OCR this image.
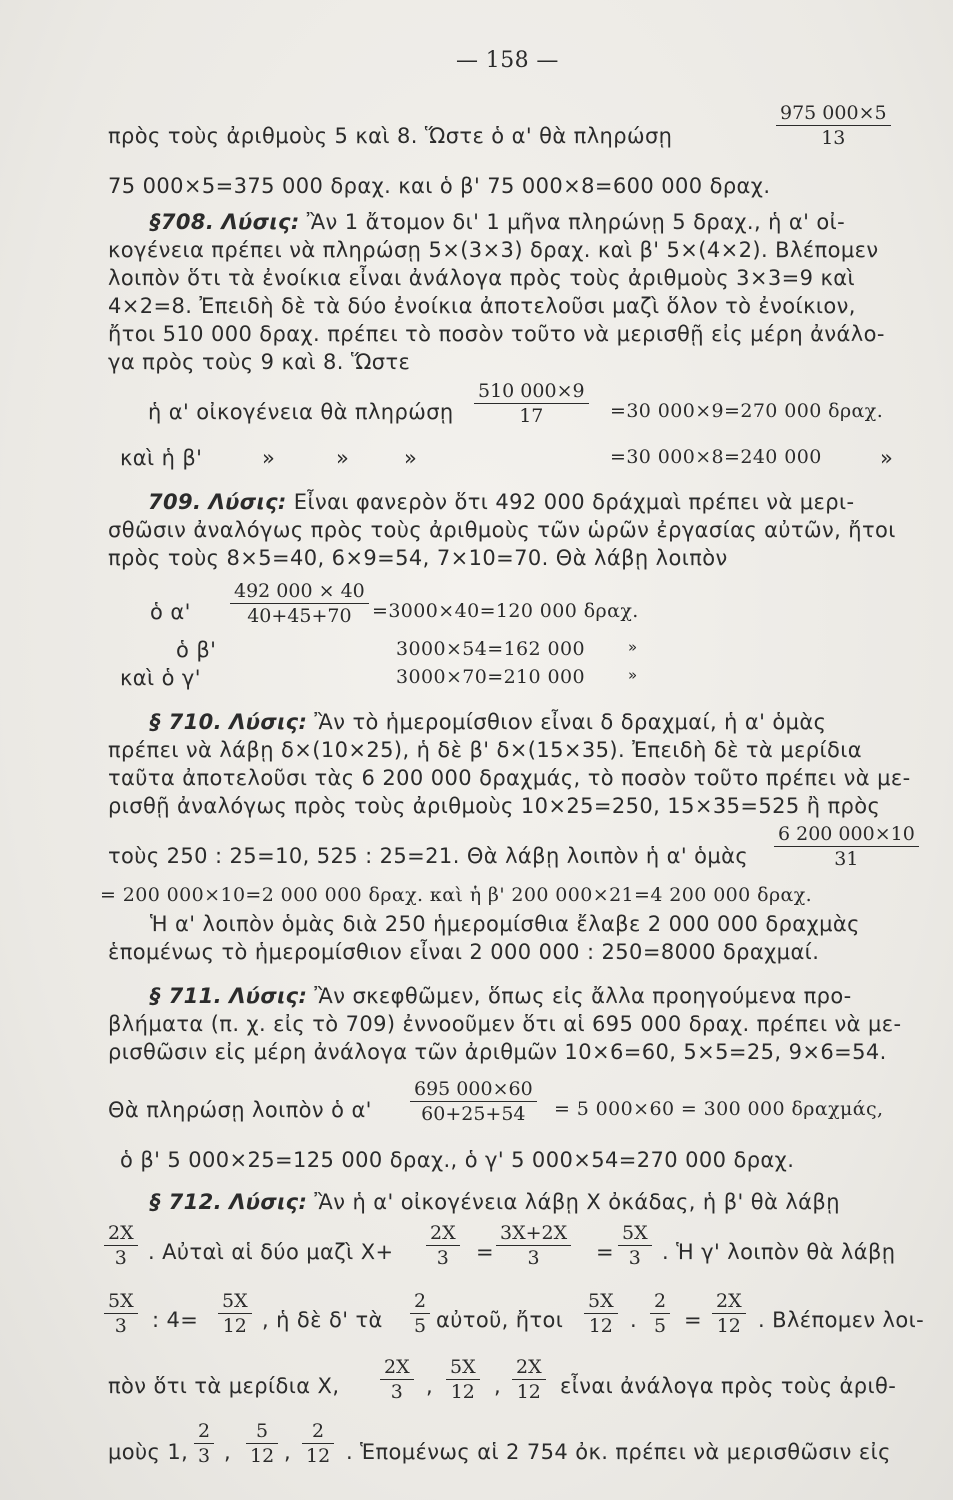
— 158 —
πρὸς τοὺς ἀριθμοὺς 5 καὶ 8. Ὥστε ὁ α' θὰ πληρώσῃ
975 000×5
13
75 000×5=375 000 δραχ. και ὁ β' 75 000×8=600 000 δραχ.
§708. Λύσις: Ἂν 1 ἄτομον δι' 1 μῆνα πληρώνῃ 5 δραχ., ἡ α' οἰ-
κογένεια πρέπει νὰ πληρώσῃ 5×(3×3) δραχ. καὶ β' 5×(4×2). Βλέπομεν
λοιπὸν ὅτι τὰ ἐνοίκια εἶναι ἀνάλογα πρὸς τοὺς ἀριθμοὺς 3×3=9 καὶ
4×2=8. Ἐπειδὴ δὲ τὰ δύο ἐνοίκια ἀποτελοῦσι μαζὶ ὅλον τὸ ἐνοίκιον,
ἤτοι 510 000 δραχ. πρέπει τὸ ποσὸν τοῦτο νὰ μερισθῇ εἰς μέρη ἀνάλο-
γα πρὸς τοὺς 9 καὶ 8. Ὥστε
ἡ α' οἰκογένεια θὰ πληρώσῃ
510 000×9
17	=30 000×9=270 000 δραχ.
καὶ ἡ β'	»	»	»	=30 000×8=240 000	»
709. Λύσις: Εἶναι φανερὸν ὅτι 492 000 δράχμαὶ πρέπει νὰ μερι-
σθῶσιν ἀναλόγως πρὸς τοὺς ἀριθμοὺς τῶν ὡρῶν ἐργασίας αὐτῶν, ἤτοι
πρὸς τοὺς 8×5=40, 6×9=54, 7×10=70. Θὰ λάβῃ λοιπὸν
ὁ α'
492 000 × 40
40+45+70 =3000×40=120 000 δραχ.
ὁ β'	3000×54=162 000	»
καὶ ὁ γ'	3000×70=210 000	»
§ 710. Λύσις: Ἂν τὸ ἡμερομίσθιον εἶναι δ δραχμαί, ἡ α' ὁμὰς
πρέπει νὰ λάβῃ δ×(10×25), ἡ δὲ β' δ×(15×35). Ἐπειδὴ δὲ τὰ μερίδια
ταῦτα ἀποτελοῦσι τὰς 6 200 000 δραχμάς, τὸ ποσὸν τοῦτο πρέπει νὰ με-
ρισθῇ ἀναλόγως πρὸς τοὺς ἀριθμοὺς 10×25=250, 15×35=525 ἢ πρὸς
τοὺς 250 : 25=10, 525 : 25=21. Θὰ λάβῃ λοιπὸν ἡ α' ὁμὰς
6 200 000×10
31
= 200 000×10=2 000 000 δραχ. καὶ ἡ β' 200 000×21=4 200 000 δραχ.
Ἡ α' λοιπὸν ὁμὰς διὰ 250 ἡμερομίσθια ἔλαβε 2 000 000 δραχμὰς
ἑπομένως τὸ ἡμερομίσθιον εἶναι 2 000 000 : 250=8000 δραχμαί.
§ 711. Λύσις: Ἂν σκεφθῶμεν, ὅπως εἰς ἄλλα προηγούμενα προ-
βλήματα (π. χ. εἰς τὸ 709) ἐννοοῦμεν ὅτι αἱ 695 000 δραχ. πρέπει νὰ με-
ρισθῶσιν εἰς μέρη ἀνάλογα τῶν ἀριθμῶν 10×6=60, 5×5=25, 9×6=54.
Θὰ πληρώσῃ λοιπὸν ὁ α'
695 000×60
60+25+54 = 5 000×60 = 300 000 δραχμάς,
ὁ β' 5 000×25=125 000 δραχ., ὁ γ' 5 000×54=270 000 δραχ.
§ 712. Λύσις: Ἂν ἡ α' οἰκογένεια λάβῃ Χ ὀκάδας, ἡ β' θὰ λάβῃ
2Χ
3 . Αὐταὶ αἱ δύο μαζὶ Χ+
2Χ
3 =
3Χ+2Χ
3	=
5Χ
3 . Ἡ γ' λοιπὸν θὰ λάβῃ
5Χ
3 : 4=
5Χ
12 , ἡ δὲ δ' τὰ
2
5 αὐτοῦ, ἤτοι
5Χ
12 .
2
5 =
2Χ
12 . Βλέπομεν λοι-
πὸν ὅτι τὰ μερίδια Χ,
2Χ
3 ,
5Χ
12 ,
2Χ
12 εἶναι ἀνάλογα πρὸς τοὺς ἀριθ-
μοὺς 1,
2
3 ,
5
12 ,
2
12 . Ἑπομένως αἱ 2 754 ὀκ. πρέπει νὰ μερισθῶσιν εἰς
